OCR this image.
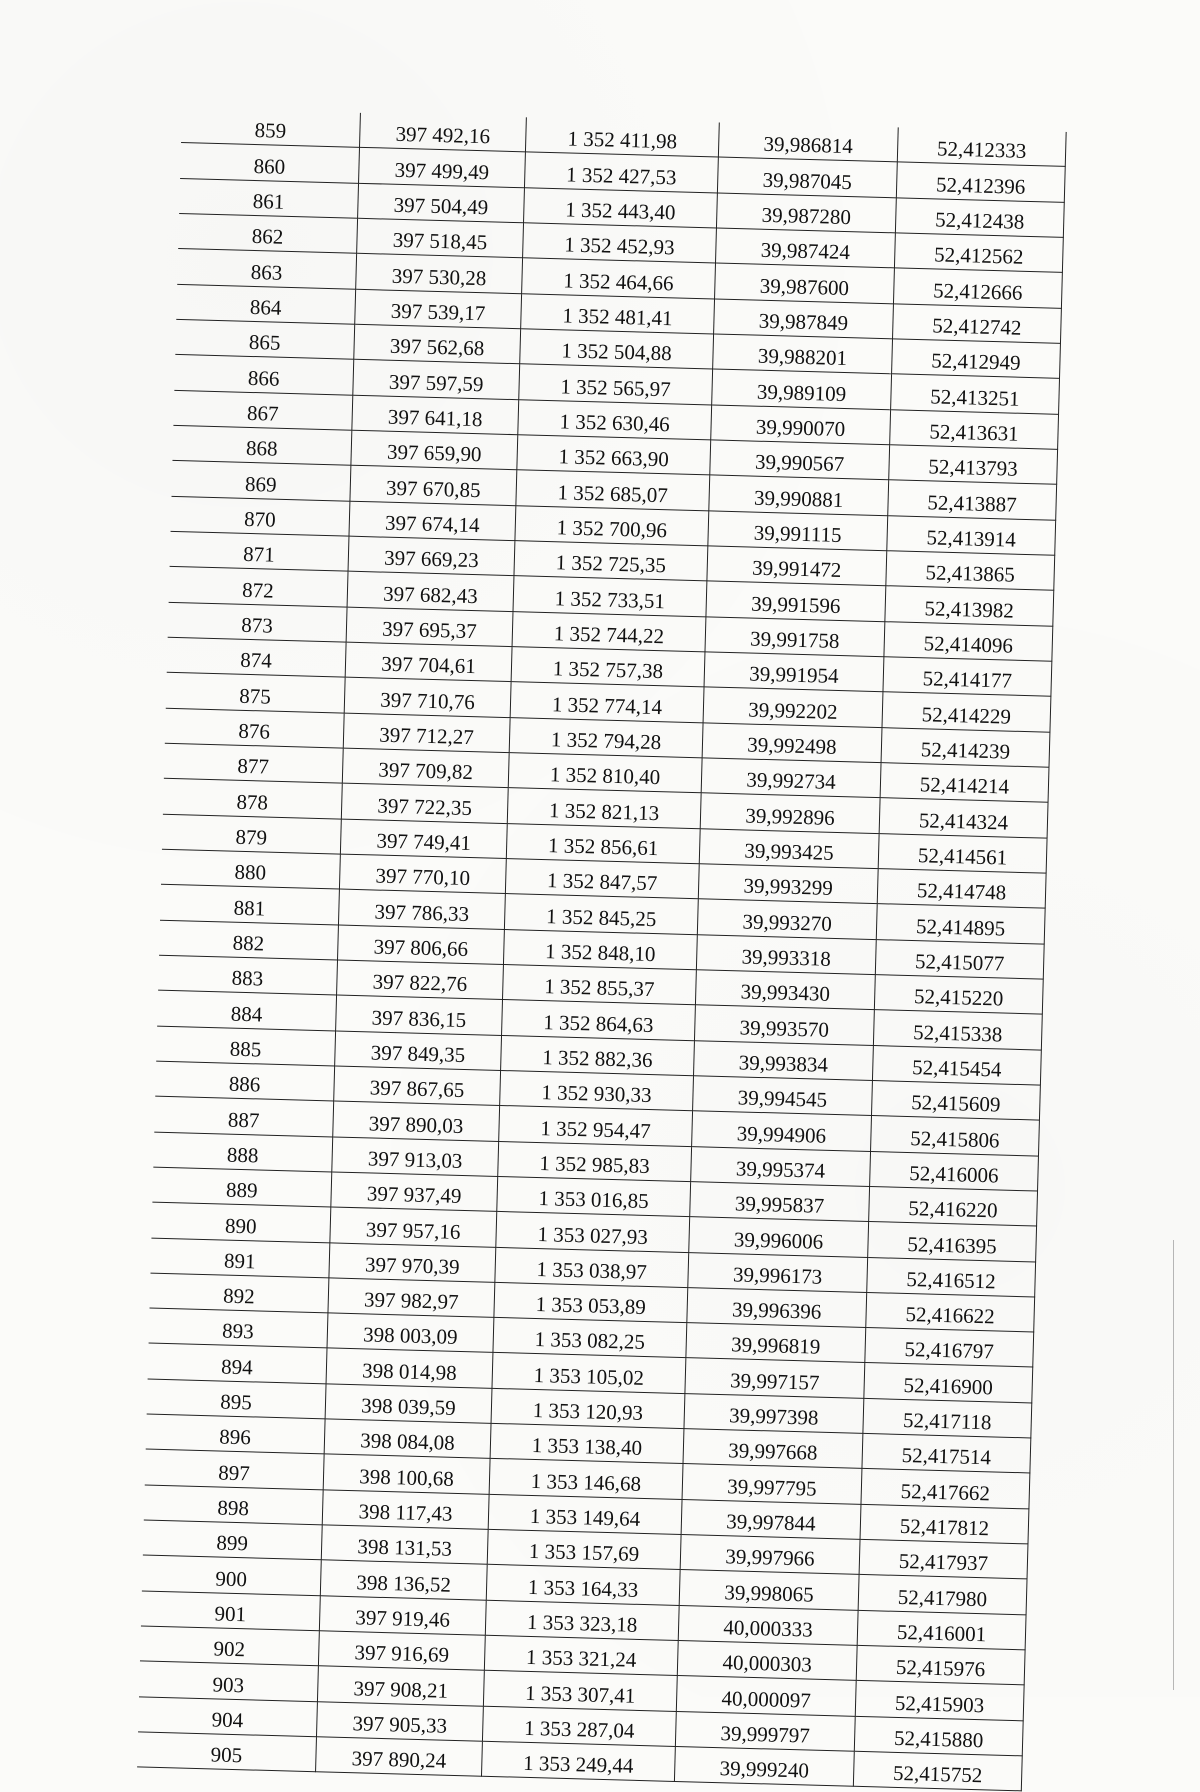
859	397 492,16	1 352 411,98	39,986814	52,412333
860	397 499,49	1 352 427,53	39,987045	52,412396
861	397 504,49	1 352 443,40	39,987280	52,412438
862	397 518,45	1 352 452,93	39,987424	52,412562
863	397 530,28	1 352 464,66	39,987600	52,412666
864	397 539,17	1 352 481,41	39,987849	52,412742
865	397 562,68	1 352 504,88	39,988201	52,412949
866	397 597,59	1 352 565,97	39,989109	52,413251
867	397 641,18	1 352 630,46	39,990070	52,413631
868	397 659,90	1 352 663,90	39,990567	52,413793
869	397 670,85	1 352 685,07	39,990881	52,413887
870	397 674,14	1 352 700,96	39,991115	52,413914
871	397 669,23	1 352 725,35	39,991472	52,413865
872	397 682,43	1 352 733,51	39,991596	52,413982
873	397 695,37	1 352 744,22	39,991758	52,414096
874	397 704,61	1 352 757,38	39,991954	52,414177
875	397 710,76	1 352 774,14	39,992202	52,414229
876	397 712,27	1 352 794,28	39,992498	52,414239
877	397 709,82	1 352 810,40	39,992734	52,414214
878	397 722,35	1 352 821,13	39,992896	52,414324
879	397 749,41	1 352 856,61	39,993425	52,414561
880	397 770,10	1 352 847,57	39,993299	52,414748
881	397 786,33	1 352 845,25	39,993270	52,414895
882	397 806,66	1 352 848,10	39,993318	52,415077
883	397 822,76	1 352 855,37	39,993430	52,415220
884	397 836,15	1 352 864,63	39,993570	52,415338
885	397 849,35	1 352 882,36	39,993834	52,415454
886	397 867,65	1 352 930,33	39,994545	52,415609
887	397 890,03	1 352 954,47	39,994906	52,415806
888	397 913,03	1 352 985,83	39,995374	52,416006
889	397 937,49	1 353 016,85	39,995837	52,416220
890	397 957,16	1 353 027,93	39,996006	52,416395
891	397 970,39	1 353 038,97	39,996173	52,416512
892	397 982,97	1 353 053,89	39,996396	52,416622
893	398 003,09	1 353 082,25	39,996819	52,416797
894	398 014,98	1 353 105,02	39,997157	52,416900
895	398 039,59	1 353 120,93	39,997398	52,417118
896	398 084,08	1 353 138,40	39,997668	52,417514
897	398 100,68	1 353 146,68	39,997795	52,417662
898	398 117,43	1 353 149,64	39,997844	52,417812
899	398 131,53	1 353 157,69	39,997966	52,417937
900	398 136,52	1 353 164,33	39,998065	52,417980
901	397 919,46	1 353 323,18	40,000333	52,416001
902	397 916,69	1 353 321,24	40,000303	52,415976
903	397 908,21	1 353 307,41	40,000097	52,415903
904	397 905,33	1 353 287,04	39,999797	52,415880
905	397 890,24	1 353 249,44	39,999240	52,415752
